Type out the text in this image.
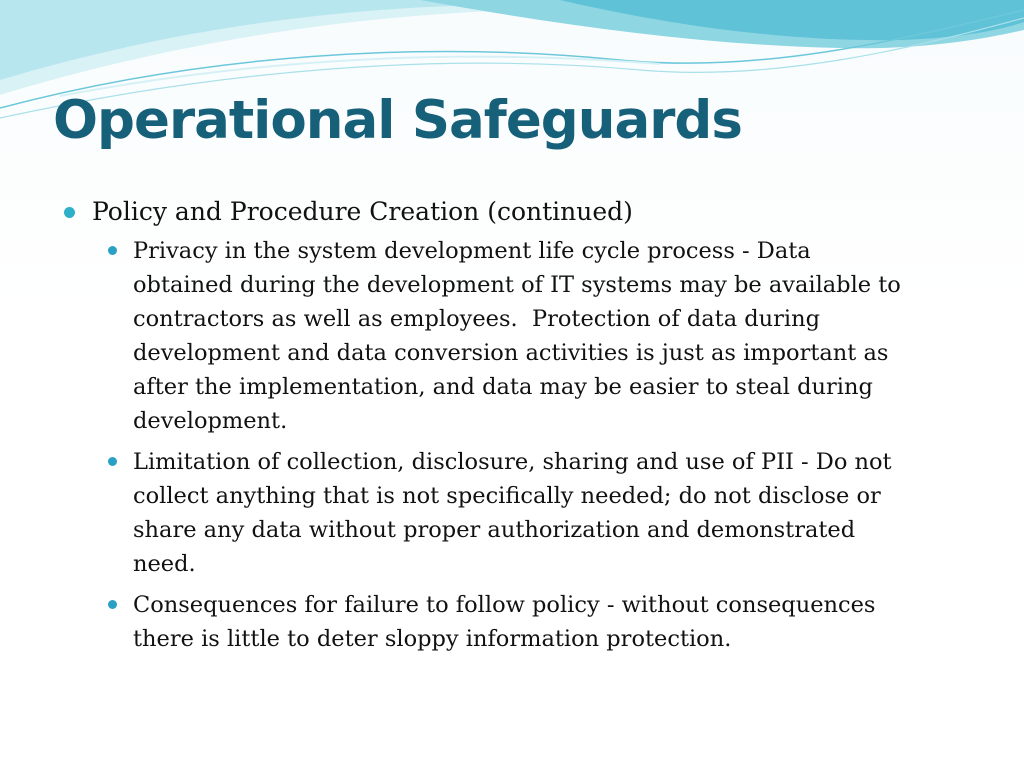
Operational Safeguards
Policy and Procedure Creation (continued)
Privacy in the system development life cycle process - Data
obtained during the development of IT systems may be available to
contractors as well as employees.  Protection of data during
development and data conversion activities is just as important as
after the implementation, and data may be easier to steal during
development.
Limitation of collection, disclosure, sharing and use of PII - Do not
collect anything that is not specifically needed; do not disclose or
share any data without proper authorization and demonstrated
need.
Consequences for failure to follow policy - without consequences
there is little to deter sloppy information protection.
